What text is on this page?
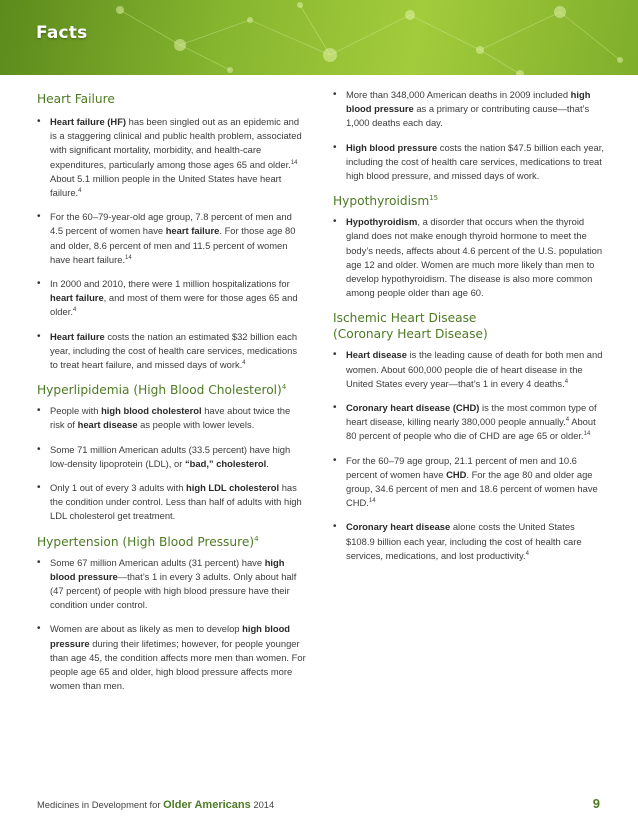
Facts
Heart Failure
• Heart failure (HF) has been singled out as an epidemic and is a staggering clinical and public health problem, associated with significant mortality, morbidity, and health-care expenditures, particularly among those ages 65 and older.$^{14}$ About 5.1 million people in the United States have heart failure.$^4$
• For the 60–79-year-old age group, 7.8 percent of men and 4.5 percent of women have heart failure. For those age 80 and older, 8.6 percent of men and 11.5 percent of women have heart failure.$^{14}$
• In 2000 and 2010, there were 1 million hospitalizations for heart failure, and most of them were for those ages 65 and older.$^4$
• Heart failure costs the nation an estimated $32 billion each year, including the cost of health care services, medications to treat heart failure, and missed days of work.$^4$
Hyperlipidemia (High Blood Cholesterol)$^4$
• People with high blood cholesterol have about twice the risk of heart disease as people with lower levels.
• Some 71 million American adults (33.5 percent) have high low-density lipoprotein (LDL), or “bad,” cholesterol.
• Only 1 out of every 3 adults with high LDL cholesterol has the condition under control. Less than half of adults with high LDL cholesterol get treatment.
Hypertension (High Blood Pressure)$^4$
• Some 67 million American adults (31 percent) have high blood pressure—that’s 1 in every 3 adults. Only about half (47 percent) of people with high blood pressure have their condition under control.
• Women are about as likely as men to develop high blood pressure during their lifetimes; however, for people younger than age 45, the condition affects more men than women. For people age 65 and older, high blood pressure affects more women than men.
• More than 348,000 American deaths in 2009 included high blood pressure as a primary or contributing cause—that’s 1,000 deaths each day.
• High blood pressure costs the nation $47.5 billion each year, including the cost of health care services, medications to treat high blood pressure, and missed days of work.
Hypothyroidism$^{15}$
• Hypothyroidism, a disorder that occurs when the thyroid gland does not make enough thyroid hormone to meet the body’s needs, affects about 4.6 percent of the U.S. population age 12 and older. Women are much more likely than men to develop hypothyroidism. The disease is also more common among people older than age 60.
Ischemic Heart Disease
(Coronary Heart Disease)
• Heart disease is the leading cause of death for both men and women. About 600,000 people die of heart disease in the United States every year—that’s 1 in every 4 deaths.$^4$
• Coronary heart disease (CHD) is the most common type of heart disease, killing nearly 380,000 people annually.$^4$ About 80 percent of people who die of CHD are age 65 or older.$^{14}$
• For the 60–79 age group, 21.1 percent of men and 10.6 percent of women have CHD. For the age 80 and older age group, 34.6 percent of men and 18.6 percent of women have CHD.$^{14}$
• Coronary heart disease alone costs the United States $108.9 billion each year, including the cost of health care services, medications, and lost productivity.$^4$
Medicines in Development for Older Americans 2014	9
